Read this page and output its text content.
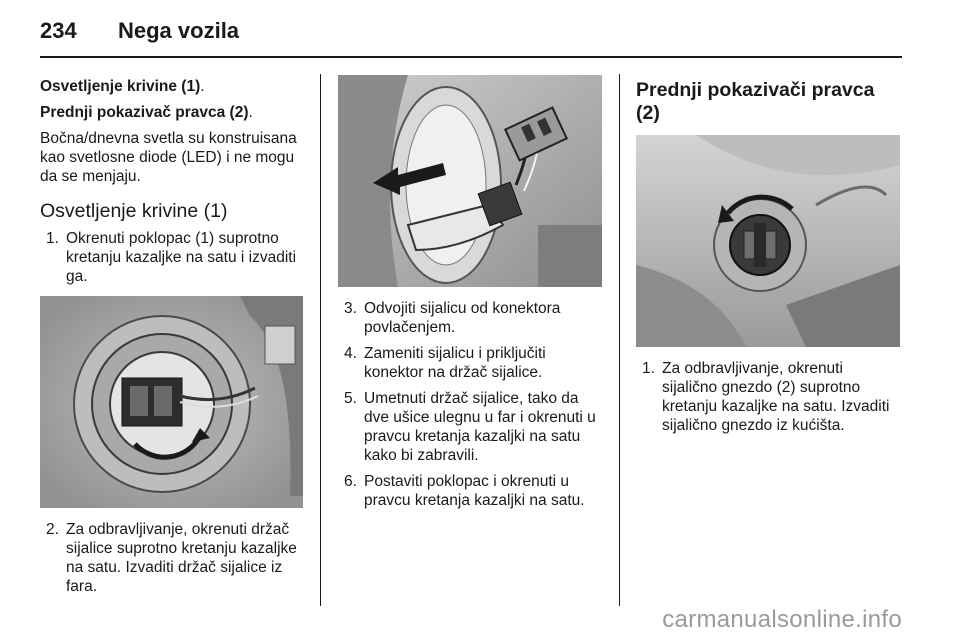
234 Nega vozila

Osvetljenje krivine (1).

Prednji pokazivač pravca (2).

Bočna/dnevna svetla su konstruisana kao svetlosne diode (LED) i ne mogu da se menjaju.

Osvetljenje krivine (1)
1. Okrenuti poklopac (1) suprotno kretanju kazaljke na satu i izvaditi ga.
2. Za odbravljivanje, okrenuti držač sijalice suprotno kretanju kazaljke na satu. Izvaditi držač sijalice iz fara.
3. Odvojiti sijalicu od konektora povlačenjem.
4. Zameniti sijalicu i priključiti konektor na držač sijalice.
5. Umetnuti držač sijalice, tako da dve ušice ulegnu u far i okrenuti u pravcu kretanja kazaljki na satu kako bi zabravili.
6. Postaviti poklopac i okrenuti u pravcu kretanja kazaljki na satu.
Prednji pokazivači pravca (2)
1. Za odbravljivanje, okrenuti sijalično gnezdo (2) suprotno kretanju kazaljke na satu. Izvaditi sijalično gnezdo iz kućišta.
carmanualsonline.info
